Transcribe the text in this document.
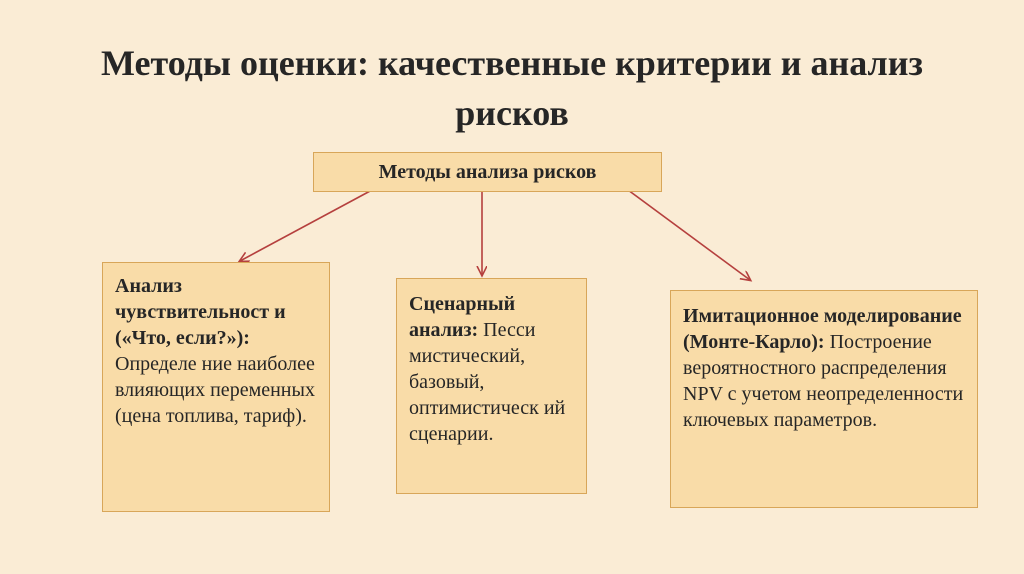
Методы оценки: качественные критерии и анализ рисков
Методы анализа рисков
Анализ чувствительност и («Что, если?»): Определе ние наиболее влияющих переменных (цена топлива, тариф).
Сценарный анализ: Песси мистический, базовый, оптимистическ ий сценарии.
Имитационное моделирование (Монте-Карло): Построение вероятностного распределения NPV с учетом неопределенности ключевых параметров.
